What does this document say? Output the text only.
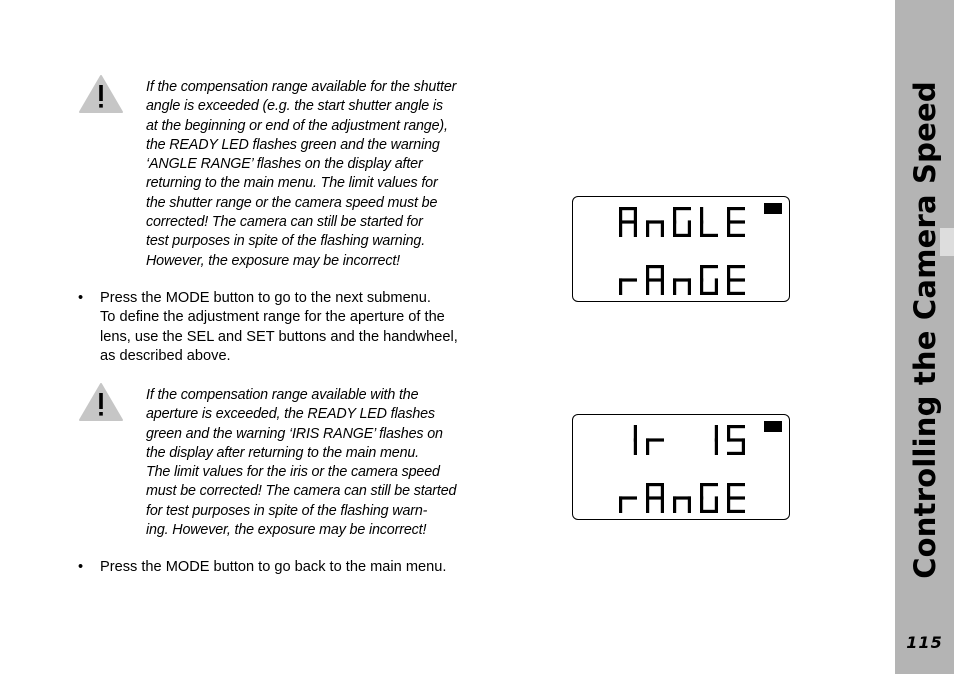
If the compensation range available for the shutter
angle is exceeded (e.g. the start shutter angle is
at the beginning or end of the adjustment range),
the READY LED flashes green and the warning
‘ANGLE RANGE’ flashes on the display after
returning to the main menu. The limit values for
the shutter range or the camera speed must be
corrected! The camera can still be started for
test purposes in spite of the flashing warning.
However, the exposure may be incorrect!
• Press the MODE button to go to the next submenu.
To define the adjustment range for the aperture of the
lens, use the SEL and SET buttons and the handwheel,
as described above.
If the compensation range available with the
aperture is exceeded, the READY LED flashes
green and the warning ‘IRIS RANGE’ flashes on
the display after returning to the main menu.
The limit values for the iris or the camera speed
must be corrected! The camera can still be started
for test purposes in spite of the flashing warn-
ing. However, the exposure may be incorrect!
• Press the MODE button to go back to the main menu.	Controlling the Camera Speed
115
